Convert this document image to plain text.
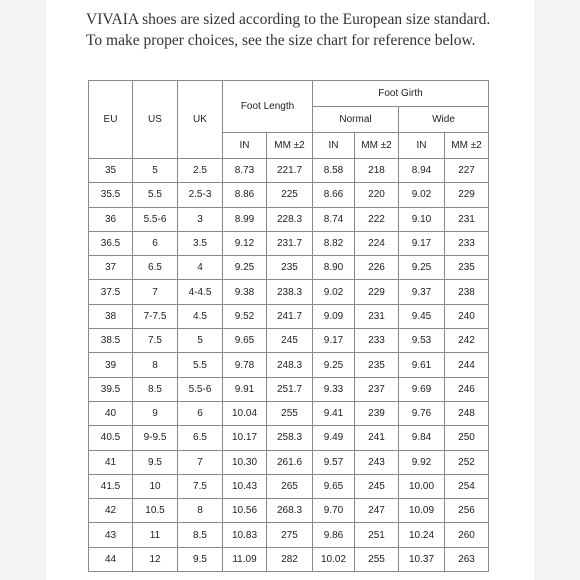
VIVAIA shoes are sized according to the European size standard.

To make proper choices, see the size chart for reference below.

EU	US	UK	Foot Length		Foot Girth			
					Normal		Wide	
			IN	MM ±2	IN	MM ±2	IN	MM ±2
35	5	2.5	8.73	221.7	8.58	218	8.94	227
35.5	5.5	2.5-3	8.86	225	8.66	220	9.02	229
36	5.5-6	3	8.99	228.3	8.74	222	9.10	231
36.5	6	3.5	9.12	231.7	8.82	224	9.17	233
37	6.5	4	9.25	235	8.90	226	9.25	235
37.5	7	4-4.5	9.38	238.3	9.02	229	9.37	238
38	7-7.5	4.5	9.52	241.7	9.09	231	9.45	240
38.5	7.5	5	9.65	245	9.17	233	9.53	242
39	8	5.5	9.78	248.3	9.25	235	9.61	244
39.5	8.5	5.5-6	9.91	251.7	9.33	237	9.69	246
40	9	6	10.04	255	9.41	239	9.76	248
40.5	9-9.5	6.5	10.17	258.3	9.49	241	9.84	250
41	9.5	7	10.30	261.6	9.57	243	9.92	252
41.5	10	7.5	10.43	265	9.65	245	10.00	254
42	10.5	8	10.56	268.3	9.70	247	10.09	256
43	11	8.5	10.83	275	9.86	251	10.24	260
44	12	9.5	11.09	282	10.02	255	10.37	263
